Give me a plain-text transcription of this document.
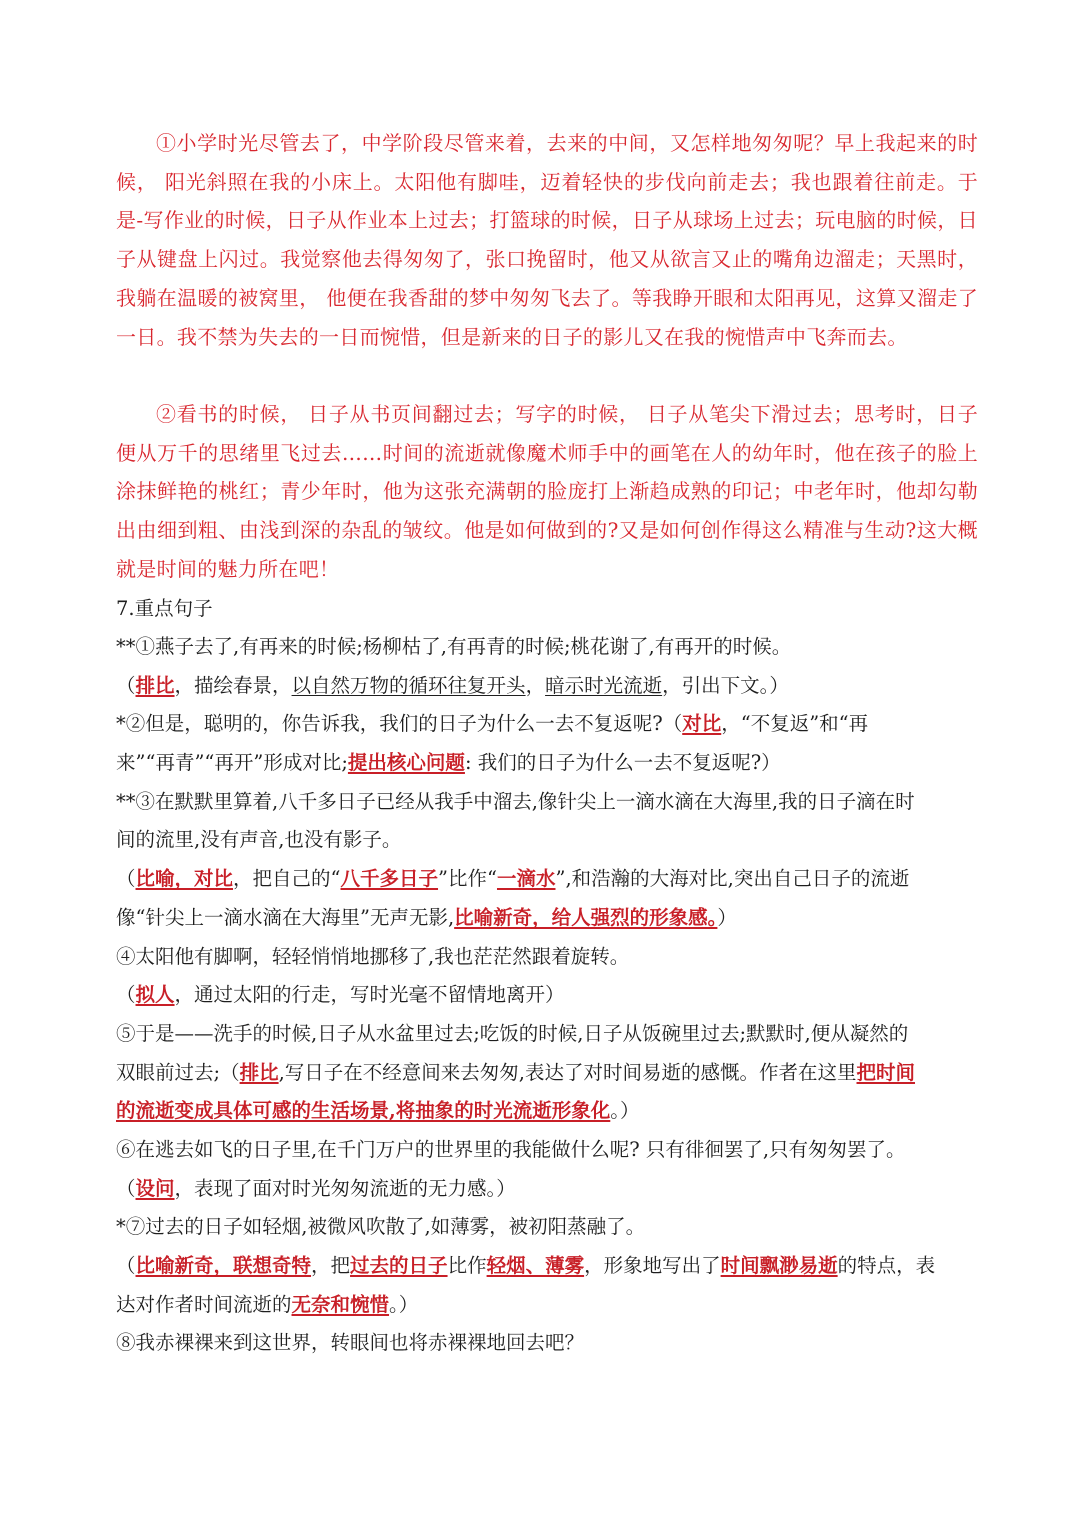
①小学时光尽管去了，中学阶段尽管来着，去来的中间，又怎样地匆匆呢？早上我起来的时候， 阳光斜照在我的小床上。太阳他有脚哇，迈着轻快的步伐向前走去；我也跟着往前走。于是-写作业的时候，日子从作业本上过去；打篮球的时候，日子从球场上过去；玩电脑的时候，日子从键盘上闪过。我觉察他去得匆匆了，张口挽留时，他又从欲言又止的嘴角边溜走；天黑时，我躺在温暖的被窝里， 他便在我香甜的梦中匆匆飞去了。等我睁开眼和太阳再见，这算又溜走了一日。我不禁为失去的一日而惋惜，但是新来的日子的影儿又在我的惋惜声中飞奔而去。
②看书的时候， 日子从书页间翻过去；写字的时候， 日子从笔尖下滑过去；思考时，日子便从万千的思绪里飞过去……时间的流逝就像魔术师手中的画笔在人的幼年时，他在孩子的脸上涂抹鲜艳的桃红；青少年时，他为这张充满朝的脸庞打上渐趋成熟的印记；中老年时，他却勾勒出由细到粗、由浅到深的杂乱的皱纹。他是如何做到的?又是如何创作得这么精准与生动?这大概就是时间的魅力所在吧！
7.重点句子
**①燕子去了,有再来的时候;杨柳枯了,有再青的时候;桃花谢了,有再开的时候。
（排比，描绘春景，以自然万物的循环往复开头，暗示时光流逝，引出下文。）
*②但是，聪明的，你告诉我，我们的日子为什么一去不复返呢?（对比，“不复返”和“再
来”“再青”“再开”形成对比;提出核心问题: 我们的日子为什么一去不复返呢?）
**③在默默里算着,八千多日子已经从我手中溜去,像针尖上一滴水滴在大海里,我的日子滴在时
间的流里,没有声音,也没有影子。
（比喻，对比，把自己的“八千多日子”比作“一滴水”,和浩瀚的大海对比,突出自己日子的流逝
像“针尖上一滴水滴在大海里”无声无影,比喻新奇，给人强烈的形象感。）
④太阳他有脚啊，轻轻悄悄地挪移了,我也茫茫然跟着旋转。
（拟人，通过太阳的行走，写时光毫不留情地离开）
⑤于是——洗手的时候,日子从水盆里过去;吃饭的时候,日子从饭碗里过去;默默时,便从凝然的
双眼前过去;（排比,写日子在不经意间来去匆匆,表达了对时间易逝的感慨。作者在这里把时间
的流逝变成具体可感的生活场景,将抽象的时光流逝形象化。）
⑥在逃去如飞的日子里,在千门万户的世界里的我能做什么呢? 只有徘徊罢了,只有匆匆罢了。
（设问，表现了面对时光匆匆流逝的无力感。）
*⑦过去的日子如轻烟,被微风吹散了,如薄雾，被初阳蒸融了。
（比喻新奇，联想奇特，把过去的日子比作轻烟、薄雾，形象地写出了时间飘渺易逝的特点，表
达对作者时间流逝的无奈和惋惜。）
⑧我赤裸裸来到这世界，转眼间也将赤裸裸地回去吧？
